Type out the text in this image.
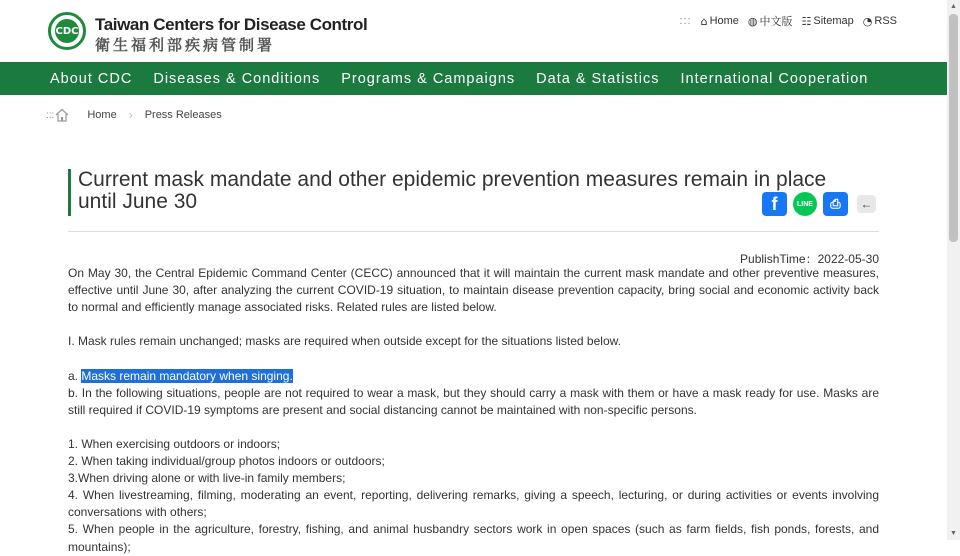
CDC Taiwan Centers for Disease Control
衛生福利部疾病管制署
::: ⌂ Home ◍ 中文版 ☷ Sitemap ◔ RSS
About CDC Diseases & Conditions Programs & Campaigns Data & Statistics International Cooperation
:::	Home › Press Releases
Current mask mandate and other epidemic prevention measures remain in place until June 30	f	LINE ⎙ ←
PublishTime：2022-05-30

On May 30, the Central Epidemic Command Center (CECC) announced that it will maintain the current mask mandate and other preventive measures, effective until June 30, after analyzing the current COVID-19 situation, to maintain disease prevention capacity, bring social and economic activity back to normal and efficiently manage associated risks. Related rules are listed below.

I. Mask rules remain unchanged; masks are required when outside except for the situations listed below.

a. Masks remain mandatory when singing.

b. In the following situations, people are not required to wear a mask, but they should carry a mask with them or have a mask ready for use. Masks are still required if COVID-19 symptoms are present and social distancing cannot be maintained with non-specific persons.

1. When exercising outdoors or indoors;

2. When taking individual/group photos indoors or outdoors;

3.When driving alone or with live-in family members;

4. When livestreaming, filming, moderating an event, reporting, delivering remarks, giving a speech, lecturing, or during activities or events involving conversations with others;

5. When people in the agriculture, forestry, fishing, and animal husbandry sectors work in open spaces (such as farm fields, fish ponds, forests, and mountains);

▲
▼
